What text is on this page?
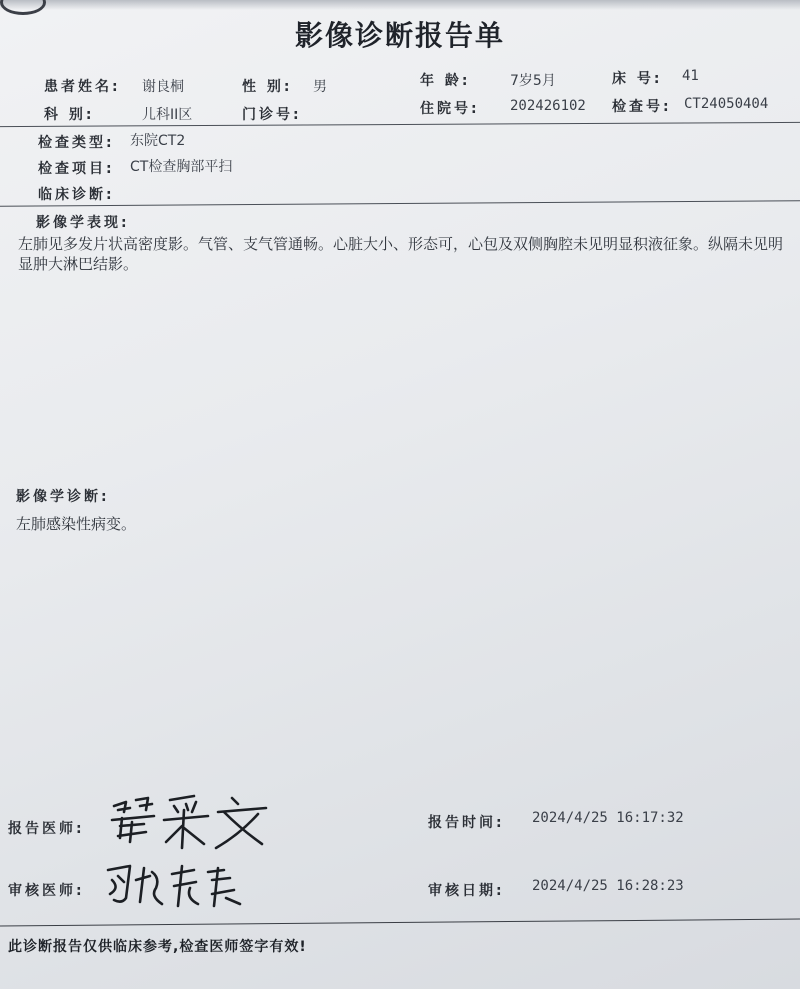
影像诊断报告单
患者姓名: 谢良桐	性 别: 男	年 龄:	7岁5月	床 号: 41
科 别:	儿科II区	门诊号:	住院号: 202426102 检查号: CT24050404
检查类型: 东院CT2
检查项目: CT检查胸部平扫
临床诊断:
影像学表现:
左肺见多发片状高密度影。气管、支气管通畅。心脏大小、形态可，心包及双侧胸腔未见明显积液征象。纵隔未见明显肿大淋巴结影。
影像学诊断:
左肺感染性病变。
报告医师:	报告时间: 2024/4/25 16:17:32
审核医师:	审核日期: 2024/4/25 16:28:23
此诊断报告仅供临床参考,检查医师签字有效!
